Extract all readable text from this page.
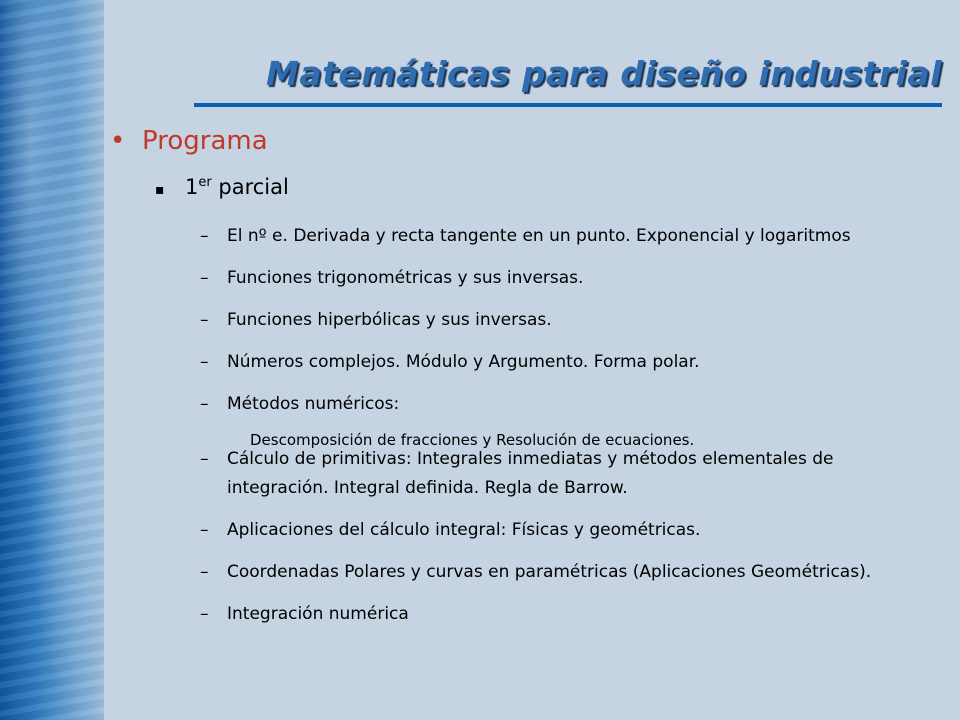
Matemáticas para diseño industrial
• Programa
▪ 1er parcial
–	El nº e. Derivada y recta tangente en un punto. Exponencial y logaritmos
–	Funciones trigonométricas y sus inversas.
–	Funciones hiperbólicas y sus inversas.
–	Números complejos. Módulo y Argumento. Forma polar.
–	Métodos numéricos:
–	Cálculo de primitivas: Integrales inmediatas y métodos elementales de integración. Integral definida. Regla de Barrow.
–	Aplicaciones del cálculo integral: Físicas y geométricas.
–	Coordenadas Polares y curvas en paramétricas (Aplicaciones Geométricas).
–	Integración numérica
Descomposición de fracciones y Resolución de ecuaciones.
